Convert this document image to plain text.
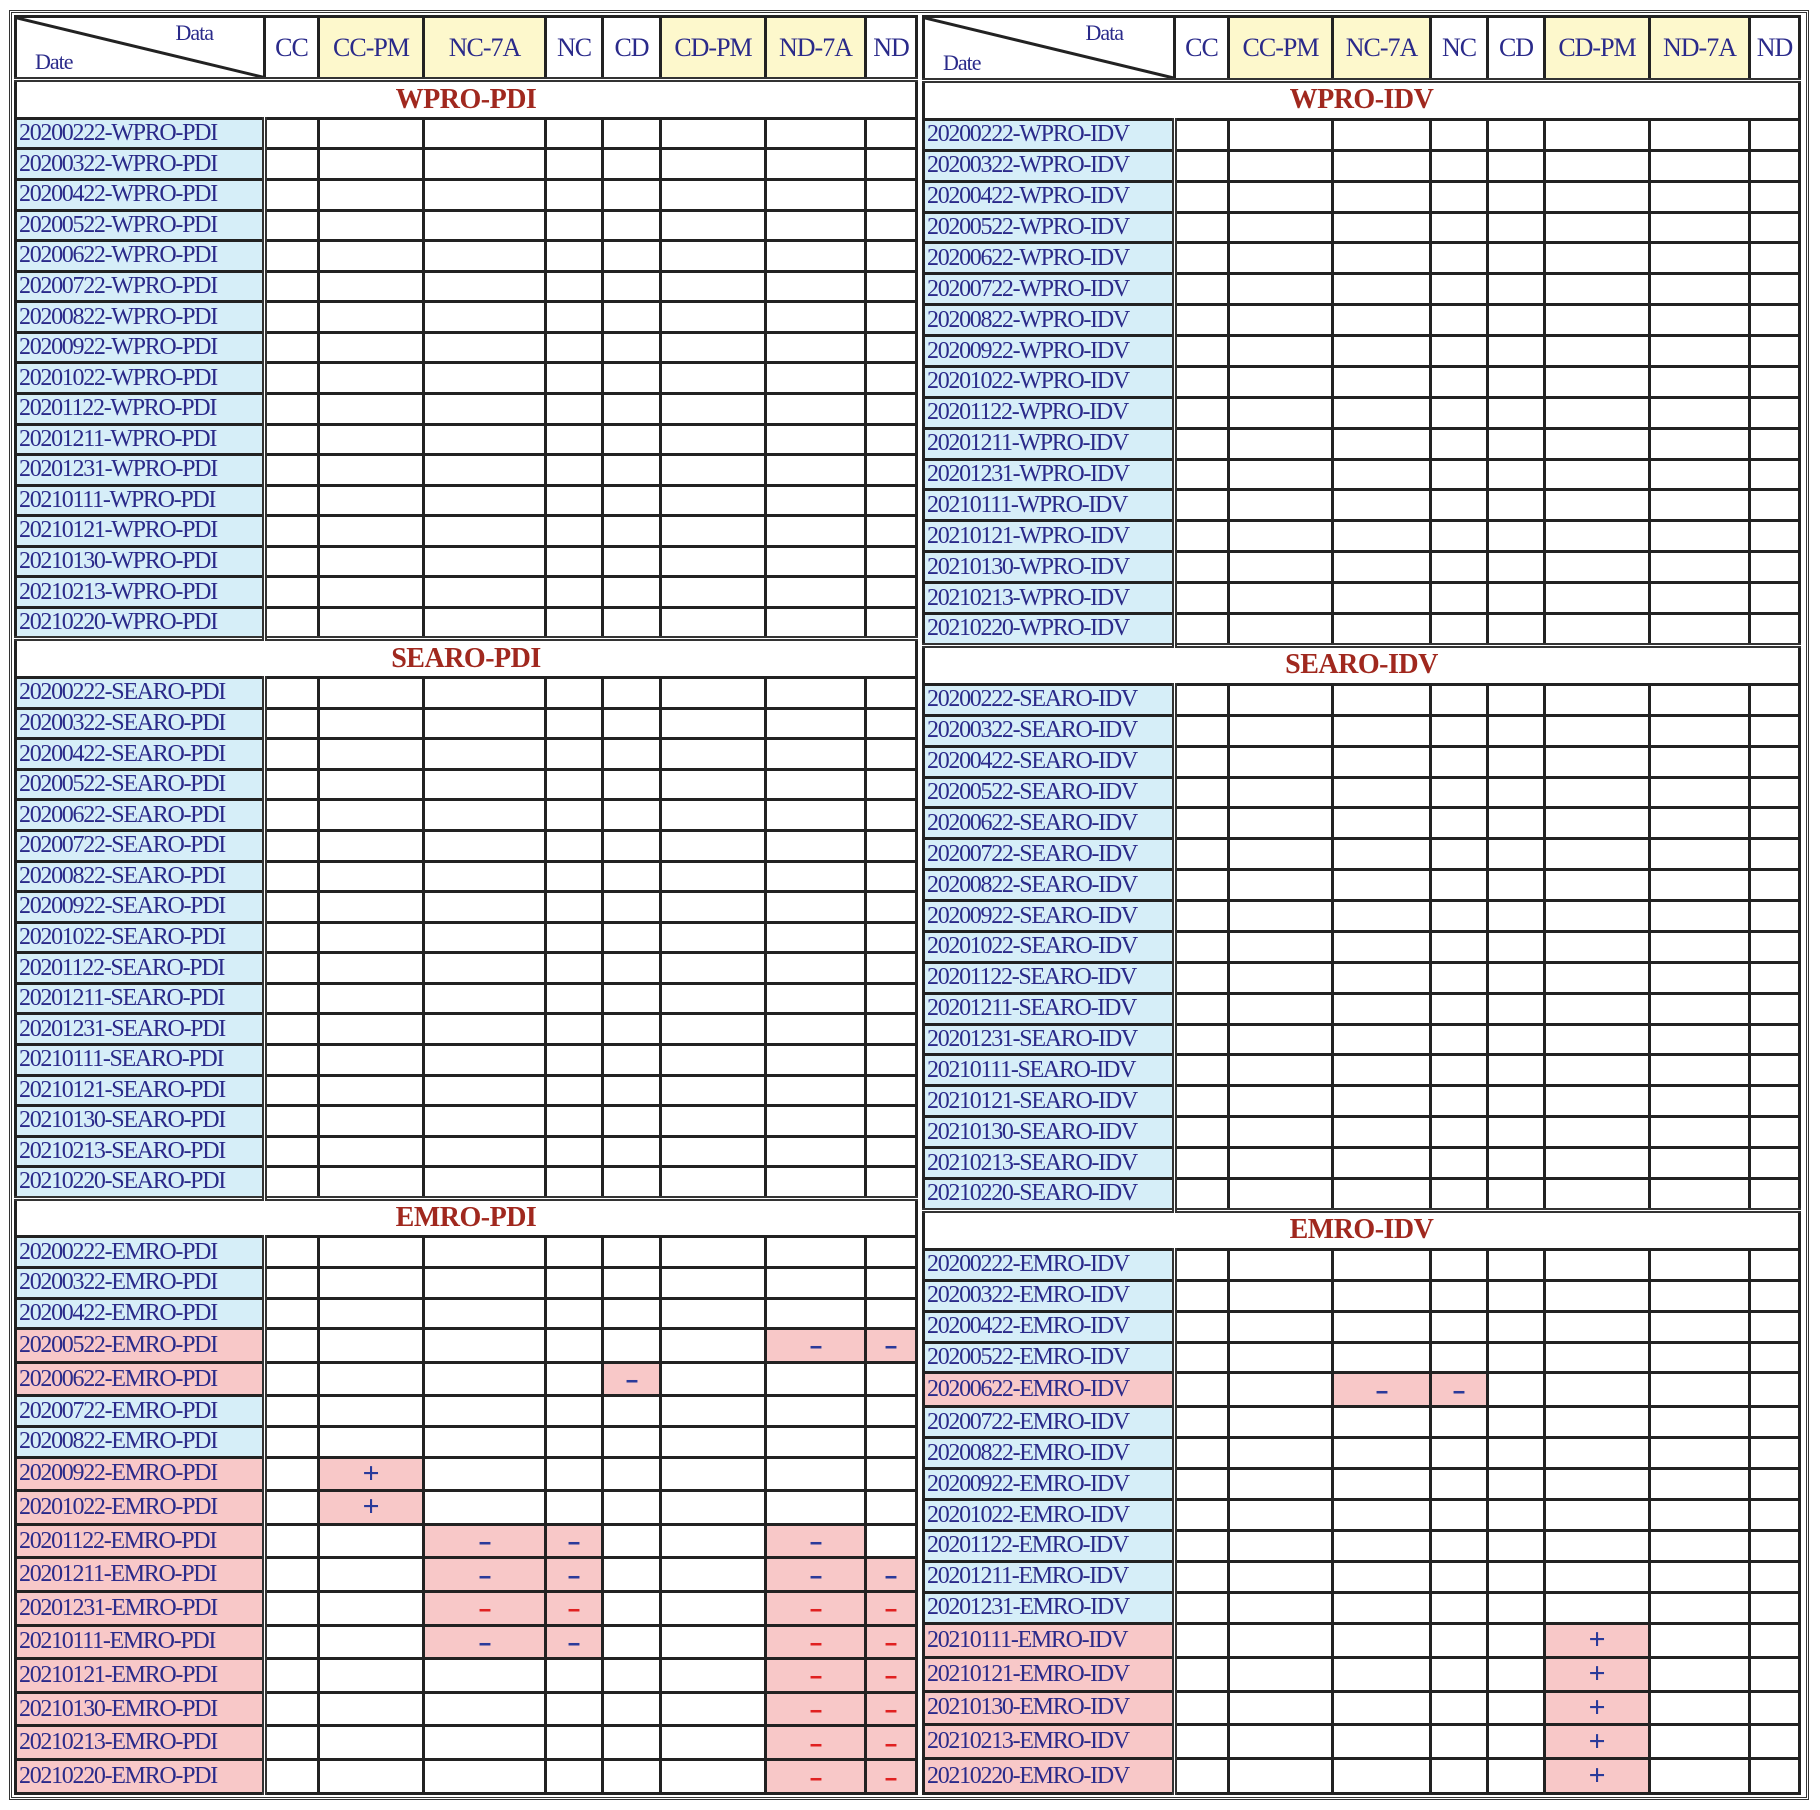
Data
Date	CC	CC-PM	NC-7A	NC	CD	CD-PM	ND-7A	ND
WPRO-PDI								
20200222-WPRO-PDI								
20200322-WPRO-PDI								
20200422-WPRO-PDI								
20200522-WPRO-PDI								
20200622-WPRO-PDI								
20200722-WPRO-PDI								
20200822-WPRO-PDI								
20200922-WPRO-PDI								
20201022-WPRO-PDI								
20201122-WPRO-PDI								
20201211-WPRO-PDI								
20201231-WPRO-PDI								
20210111-WPRO-PDI								
20210121-WPRO-PDI								
20210130-WPRO-PDI								
20210213-WPRO-PDI								
20210220-WPRO-PDI								
SEARO-PDI								
20200222-SEARO-PDI								
20200322-SEARO-PDI								
20200422-SEARO-PDI								
20200522-SEARO-PDI								
20200622-SEARO-PDI								
20200722-SEARO-PDI								
20200822-SEARO-PDI								
20200922-SEARO-PDI								
20201022-SEARO-PDI								
20201122-SEARO-PDI								
20201211-SEARO-PDI								
20201231-SEARO-PDI								
20210111-SEARO-PDI								
20210121-SEARO-PDI								
20210130-SEARO-PDI								
20210213-SEARO-PDI								
20210220-SEARO-PDI								
EMRO-PDI								
20200222-EMRO-PDI								
20200322-EMRO-PDI								
20200422-EMRO-PDI								
20200522-EMRO-PDI							-	-
20200622-EMRO-PDI					-			
20200722-EMRO-PDI								
20200822-EMRO-PDI								
20200922-EMRO-PDI		+						
20201022-EMRO-PDI		+						
20201122-EMRO-PDI			-	-			-	
20201211-EMRO-PDI			-	-			-	-
20201231-EMRO-PDI			-	-			-	-
20210111-EMRO-PDI			-	-			-	-
20210121-EMRO-PDI							-	-
20210130-EMRO-PDI							-	-
20210213-EMRO-PDI							-	-
20210220-EMRO-PDI							-	-
Data
Date	CC	CC-PM	NC-7A	NC	CD	CD-PM	ND-7A	ND
WPRO-IDV								
20200222-WPRO-IDV								
20200322-WPRO-IDV								
20200422-WPRO-IDV								
20200522-WPRO-IDV								
20200622-WPRO-IDV								
20200722-WPRO-IDV								
20200822-WPRO-IDV								
20200922-WPRO-IDV								
20201022-WPRO-IDV								
20201122-WPRO-IDV								
20201211-WPRO-IDV								
20201231-WPRO-IDV								
20210111-WPRO-IDV								
20210121-WPRO-IDV								
20210130-WPRO-IDV								
20210213-WPRO-IDV								
20210220-WPRO-IDV								
SEARO-IDV								
20200222-SEARO-IDV								
20200322-SEARO-IDV								
20200422-SEARO-IDV								
20200522-SEARO-IDV								
20200622-SEARO-IDV								
20200722-SEARO-IDV								
20200822-SEARO-IDV								
20200922-SEARO-IDV								
20201022-SEARO-IDV								
20201122-SEARO-IDV								
20201211-SEARO-IDV								
20201231-SEARO-IDV								
20210111-SEARO-IDV								
20210121-SEARO-IDV								
20210130-SEARO-IDV								
20210213-SEARO-IDV								
20210220-SEARO-IDV								
EMRO-IDV								
20200222-EMRO-IDV								
20200322-EMRO-IDV								
20200422-EMRO-IDV								
20200522-EMRO-IDV								
20200622-EMRO-IDV			-	-				
20200722-EMRO-IDV								
20200822-EMRO-IDV								
20200922-EMRO-IDV								
20201022-EMRO-IDV								
20201122-EMRO-IDV								
20201211-EMRO-IDV								
20201231-EMRO-IDV								
20210111-EMRO-IDV						+		
20210121-EMRO-IDV						+		
20210130-EMRO-IDV						+		
20210213-EMRO-IDV						+		
20210220-EMRO-IDV						+		
